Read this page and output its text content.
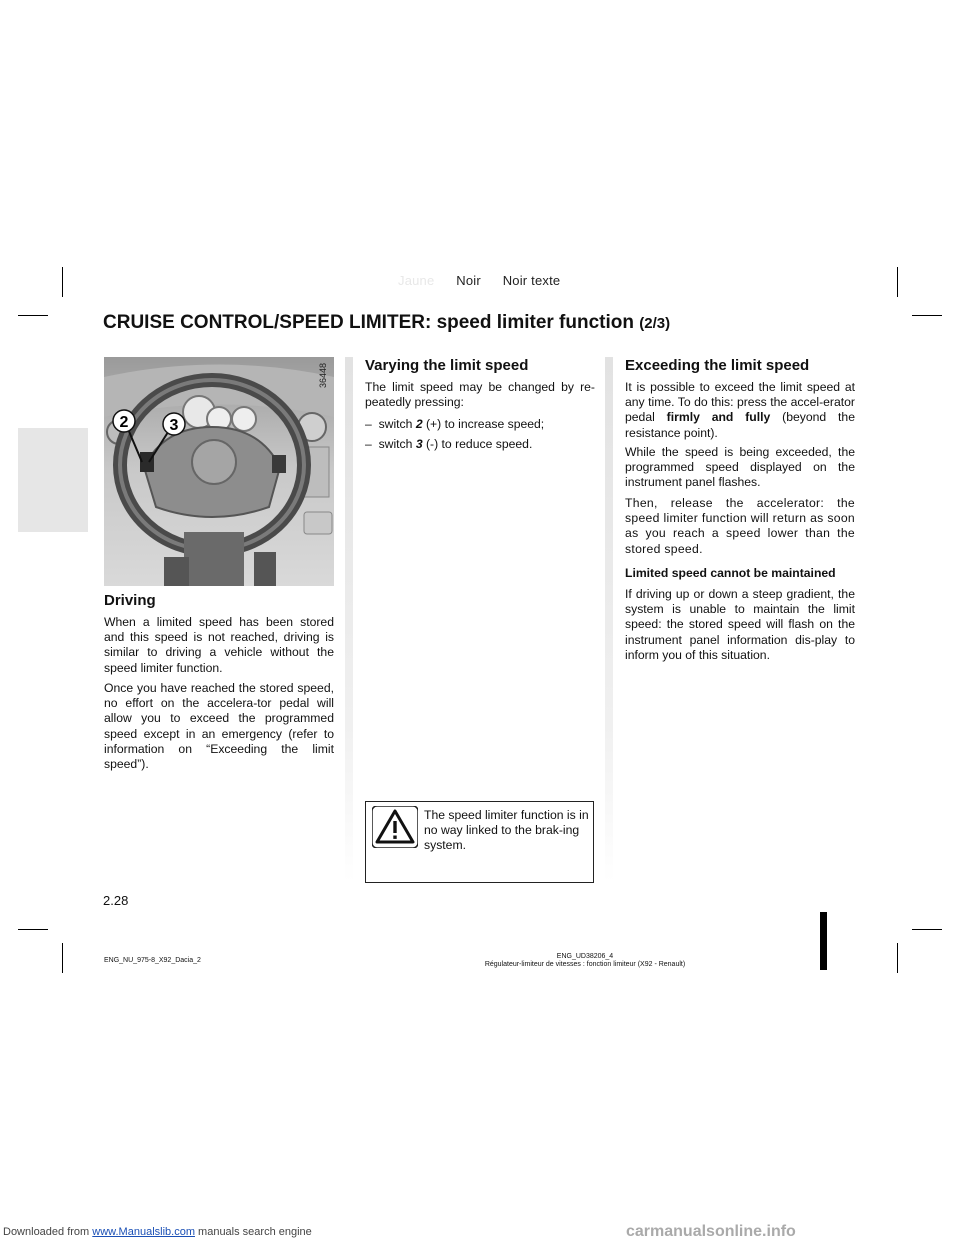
Downloaded from www.Manualslib.com manuals search engine
Jaune Noir Noir texte
CRUISE CONTROL/SPEED LIMITER: speed limiter function (2/3)
2	3
36448
Driving

When a limited speed has been stored and this speed is not reached, driving is similar to driving a vehicle without the speed limiter function.

Once you have reached the stored speed, no effort on the accelera-tor pedal will allow you to exceed the programmed speed except in an emergency (refer to information on “Exceeding the limit speed”).

Varying the limit speed

The limit speed may be changed by re-peatedly pressing:

– switch 2 (+) to increase speed;
– switch 3 (-) to reduce speed.

The speed limiter function is in no way linked to the brak-ing system.

Exceeding the limit speed

It is possible to exceed the limit speed at any time. To do this: press the accel-erator pedal firmly and fully (beyond the resistance point).

While the speed is being exceeded, the programmed speed displayed on the instrument panel flashes.

Then, release the accelerator: the speed limiter function will return as soon as you reach a speed lower than the stored speed.

Limited speed cannot be maintained

If driving up or down a steep gradient, the system is unable to maintain the limit speed: the stored speed will flash on the instrument panel information dis-play to inform you of this situation.

2.28
ENG_NU_975-8_X92_Dacia_2
ENG_UD38206_4
Régulateur-limiteur de vitesses : fonction limiteur (X92 - Renault)
carmanualsonline.info
